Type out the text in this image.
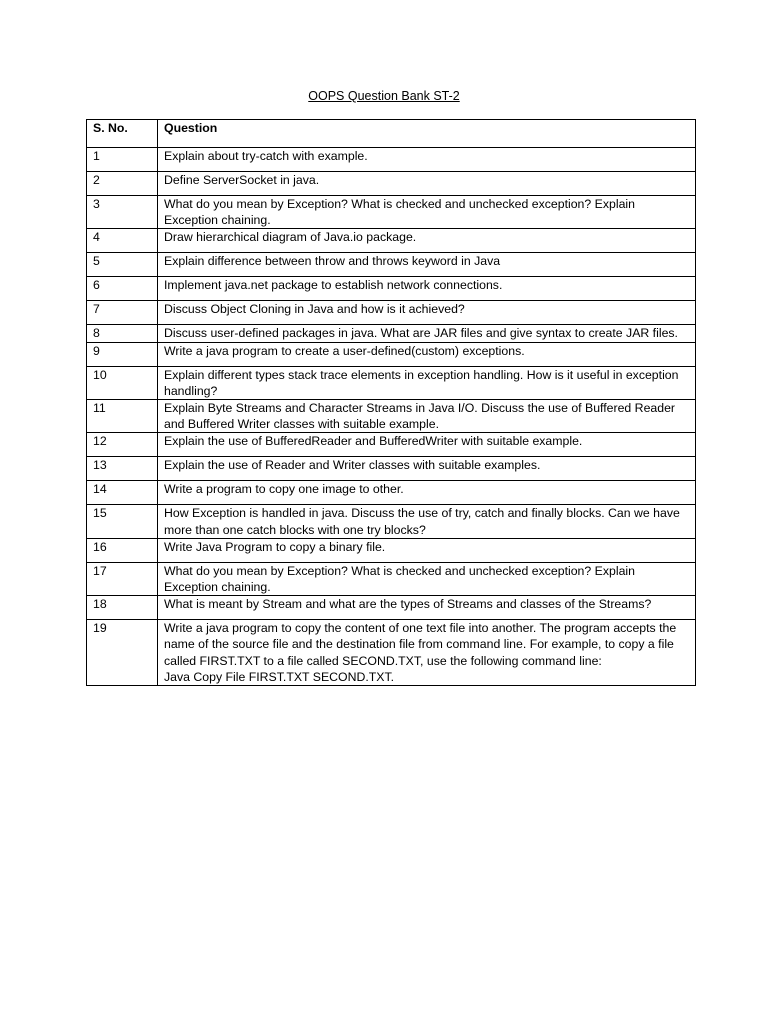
OOPS Question Bank ST-2
S. No.	Question
1	Explain about try-catch with example.
2	Define ServerSocket in java.
3	What do you mean by Exception? What is checked and unchecked exception? Explain Exception chaining.
4	Draw hierarchical diagram of Java.io package.
5	Explain difference between throw and throws keyword in Java
6	Implement java.net package to establish network connections.
7	Discuss Object Cloning in Java and how is it achieved?
8	Discuss user-defined packages in java. What are JAR files and give syntax to create JAR files.
9	Write a java program to create a user-defined(custom) exceptions.
10	Explain different types stack trace elements in exception handling. How is it useful in exception handling?
11	Explain Byte Streams and Character Streams in Java I/O. Discuss the use of Buffered Reader and Buffered Writer classes with suitable example.
12	Explain the use of BufferedReader and BufferedWriter with suitable example.
13	Explain the use of Reader and Writer classes with suitable examples.
14	Write a program to copy one image to other.
15	How Exception is handled in java. Discuss the use of try, catch and finally blocks. Can we have more than one catch blocks with one try blocks?
16	Write Java Program to copy a binary file.
17	What do you mean by Exception? What is checked and unchecked exception? Explain Exception chaining.
18	What is meant by Stream and what are the types of Streams and classes of the Streams?
19	Write a java program to copy the content of one text file into another. The program accepts the name of the source file and the destination file from command line. For example, to copy a file called FIRST.TXT to a file called SECOND.TXT, use the following command line:
Java Copy File FIRST.TXT SECOND.TXT.
